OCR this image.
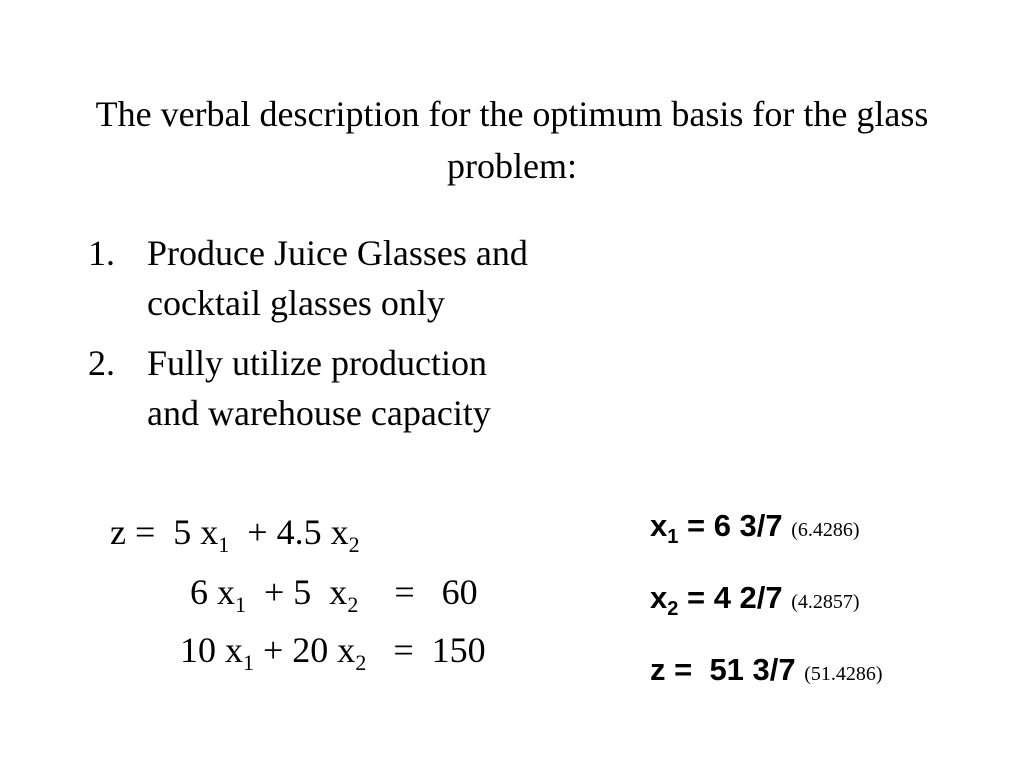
The verbal description for the optimum basis for the glass problem:
1. Produce Juice Glasses and
cocktail glasses only
2. Fully utilize production
and warehouse capacity

z =  5 $x_1 + 4.5$ $x_2$

6 $x_1 + 5$  $x_2$    =   60

10 $x_1 + 20$ $x_2 = 150$

$x_1 = 6$ 3/7 (6.4286)
$x_2 = 4$ 2/7 (4.2857)
z =  51 3/7 (51.4286)
